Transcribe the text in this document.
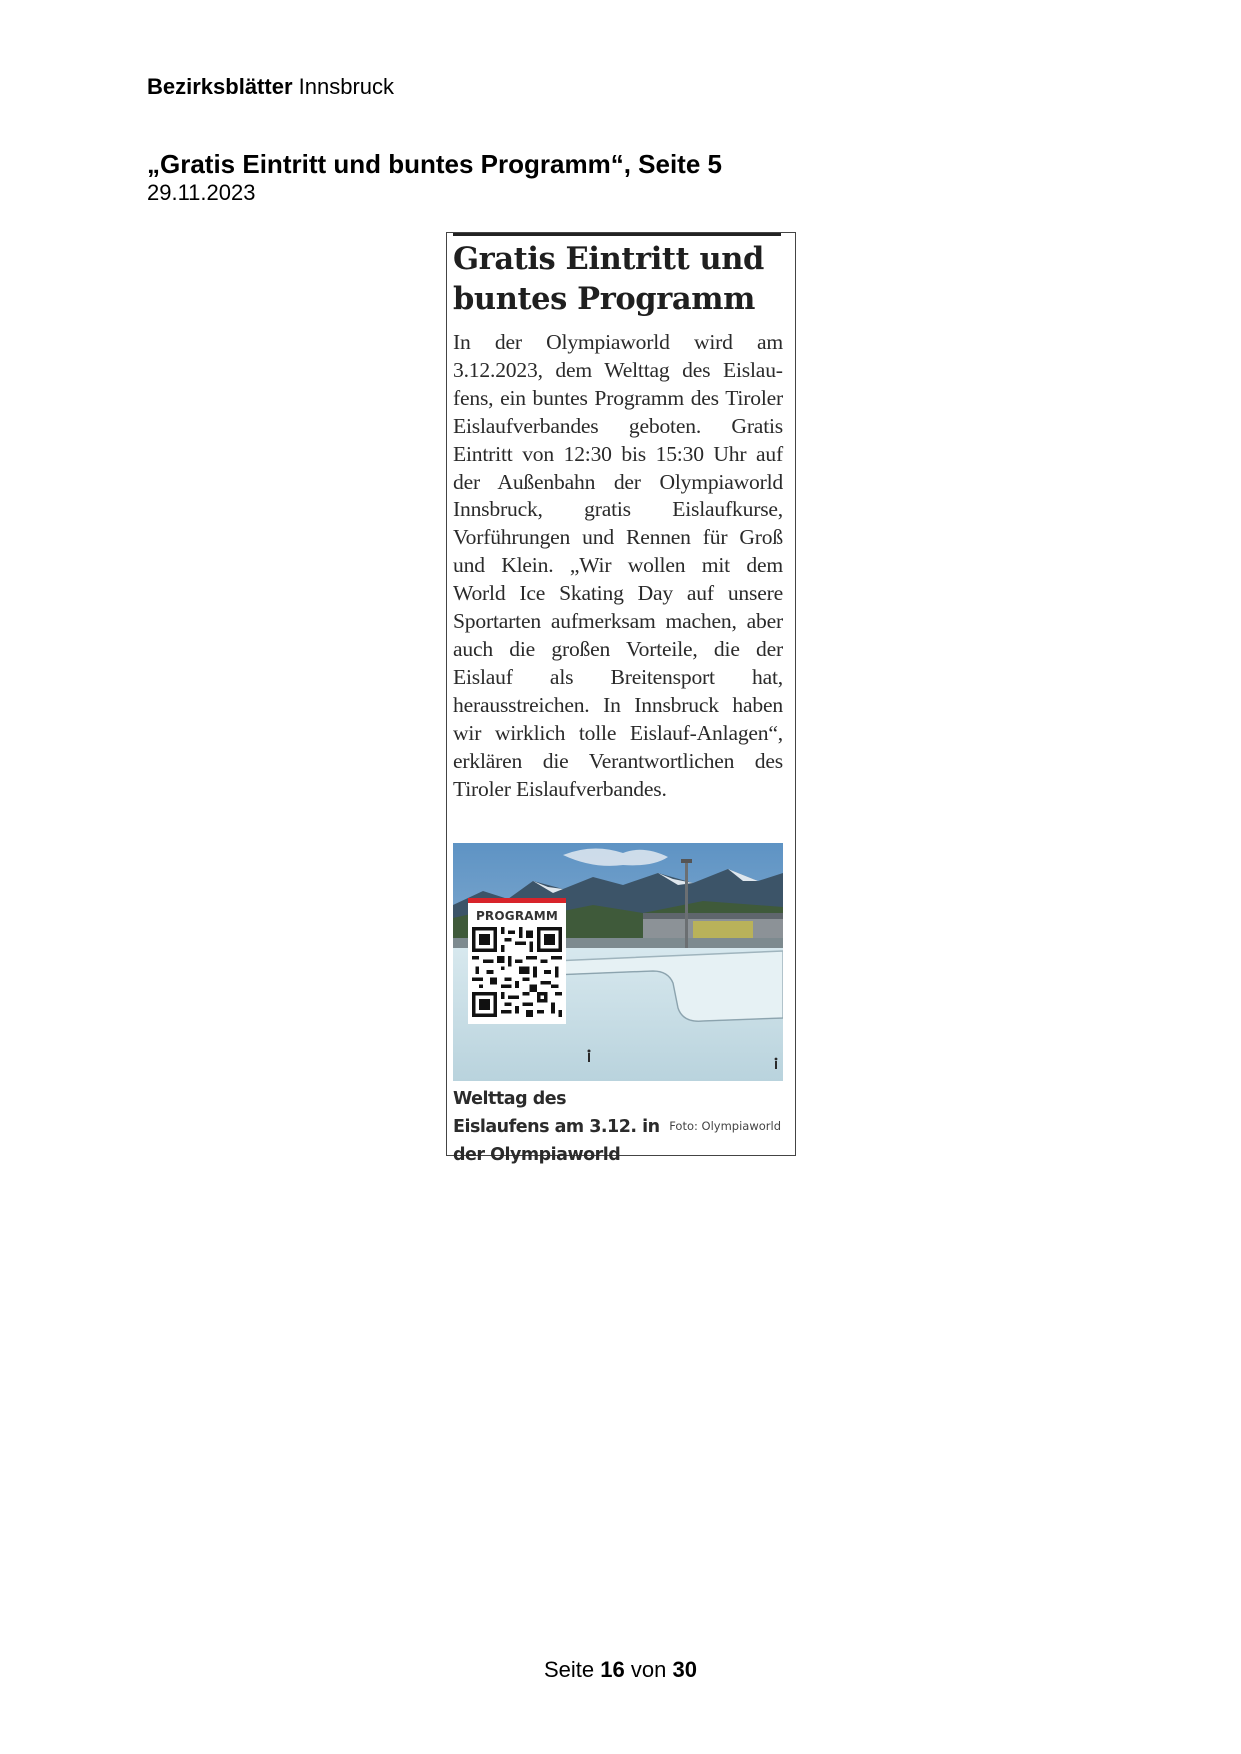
Bezirksblätter Innsbruck
„Gratis Eintritt und buntes Programm“, Seite 5
29.11.2023
Gratis Eintritt und
buntes Programm
In der Olympiaworld wird am 3.12.2023, dem Welttag des Eislaufens, ein buntes Programm des Tiroler Eislaufverbandes geboten. Gratis Eintritt von 12:30 bis 15:30 Uhr auf der Außenbahn der Olympiaworld Innsbruck, gratis Eislaufkurse, Vorführungen und Rennen für Groß und Klein. „Wir wollen mit dem World Ice Skating Day auf unsere Sportarten aufmerksam machen, aber auch die großen Vorteile, die der Eislauf als Breitensport hat, herausstreichen. In Innsbruck haben wir wirklich tolle Eislauf-Anlagen“, erklären die Verantwortlichen des Tiroler Eislaufverbandes.
PROGRAMM
Welttag des Eislaufens am 3.12. in der Olympiaworld
Foto: Olympiaworld
Seite 16 von 30
